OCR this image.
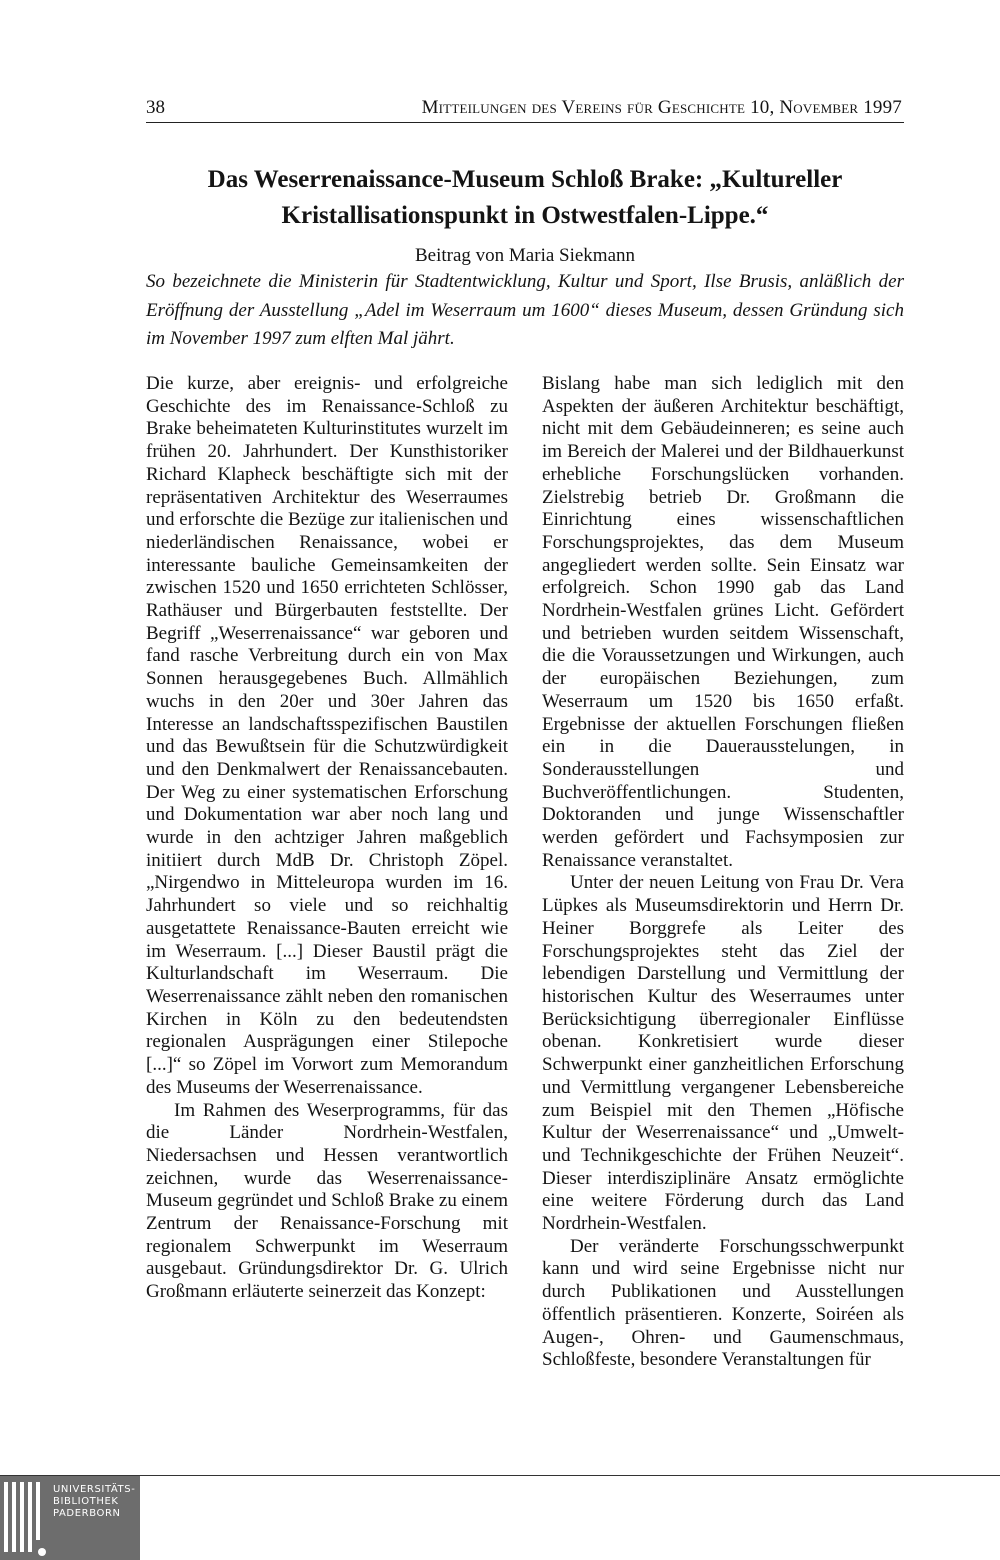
38	Mitteilungen des Vereins für Geschichte 10, November 1997
Das Weserrenaissance-Museum Schloß Brake: „Kultureller Kristallisationspunkt in Ostwestfalen-Lippe.“
Beitrag von Maria Siekmann

So bezeichnete die Ministerin für Stadtentwicklung, Kultur und Sport, Ilse Brusis, anläßlich der Eröffnung der Ausstellung „Adel im Weserraum um 1600“ dieses Museum, dessen Gründung sich im November 1997 zum elften Mal jährt.

Die kurze, aber ereignis- und erfolgreiche Geschichte des im Renaissance-Schloß zu Brake beheimateten Kulturinstitutes wurzelt im frühen 20. Jahrhundert. Der Kunsthistoriker Richard Klapheck beschäftigte sich mit der repräsentativen Architektur des Weserraumes und erforschte die Bezüge zur italienischen und niederländischen Renaissance, wobei er interessante bauliche Gemeinsamkeiten der zwischen 1520 und 1650 errichteten Schlösser, Rathäuser und Bürgerbauten feststellte. Der Begriff „Weserrenaissance“ war geboren und fand rasche Verbreitung durch ein von Max Sonnen herausgegebenes Buch. Allmählich wuchs in den 20er und 30er Jahren das Interesse an landschaftsspezifischen Baustilen und das Bewußtsein für die Schutzwürdigkeit und den Denkmalwert der Renaissancebauten. Der Weg zu einer systematischen Erforschung und Dokumentation war aber noch lang und wurde in den achtziger Jahren maßgeblich initiiert durch MdB Dr. Christoph Zöpel. „Nirgendwo in Mitteleuropa wurden im 16. Jahrhundert so viele und so reichhaltig ausgetattete Renaissance-Bauten erreicht wie im Weserraum. [...] Dieser Baustil prägt die Kulturlandschaft im Weserraum. Die Weserrenaissance zählt neben den romanischen Kirchen in Köln zu den bedeutendsten regionalen Ausprägungen einer Stilepoche [...]“ so Zöpel im Vorwort zum Memorandum des Museums der Weserrenaissance.

Im Rahmen des Weserprogramms, für das die Länder Nordrhein-Westfalen, Niedersachsen und Hessen verantwortlich zeichnen, wurde das Weserrenaissance-Museum gegründet und Schloß Brake zu einem Zentrum der Renaissance-Forschung mit regionalem Schwerpunkt im Weserraum ausgebaut. Gründungsdirektor Dr. G. Ulrich Großmann erläuterte seinerzeit das Konzept:

Bislang habe man sich lediglich mit den Aspekten der äußeren Architektur beschäftigt, nicht mit dem Gebäudeinneren; es seine auch im Bereich der Malerei und der Bildhauerkunst erhebliche Forschungslücken vorhanden. Zielstrebig betrieb Dr. Großmann die Einrichtung eines wissenschaftlichen Forschungsprojektes, das dem Museum angegliedert werden sollte. Sein Einsatz war erfolgreich. Schon 1990 gab das Land Nordrhein-Westfalen grünes Licht. Gefördert und betrieben wurden seitdem Wissenschaft, die die Voraussetzungen und Wirkungen, auch der europäischen Beziehungen, zum Weserraum um 1520 bis 1650 erfaßt. Ergebnisse der aktuellen Forschungen fließen ein in die Dauerausstelungen, in Sonderausstellungen und Buchveröffentlichungen. Studenten, Doktoranden und junge Wissenschaftler werden gefördert und Fachsymposien zur Renaissance veranstaltet.

Unter der neuen Leitung von Frau Dr. Vera Lüpkes als Museumsdirektorin und Herrn Dr. Heiner Borggrefe als Leiter des Forschungsprojektes steht das Ziel der lebendigen Darstellung und Vermittlung der historischen Kultur des Weserraumes unter Berücksichtigung überregionaler Einflüsse obenan. Konkretisiert wurde dieser Schwerpunkt einer ganzheitlichen Erforschung und Vermittlung vergangener Lebensbereiche zum Beispiel mit den Themen „Höfische Kultur der Weserrenaissance“ und „Umwelt- und Technikgeschichte der Frühen Neuzeit“. Dieser interdisziplinäre Ansatz ermöglichte eine weitere Förderung durch das Land Nordrhein-Westfalen.

Der veränderte Forschungsschwerpunkt kann und wird seine Ergebnisse nicht nur durch Publikationen und Ausstellungen öffentlich präsentieren. Konzerte, Soiréen als Augen-, Ohren- und Gaumenschmaus, Schloßfeste, besondere Veranstaltungen für

UNIVERSITÄTS-
BIBLIOTHEK
PADERBORN
